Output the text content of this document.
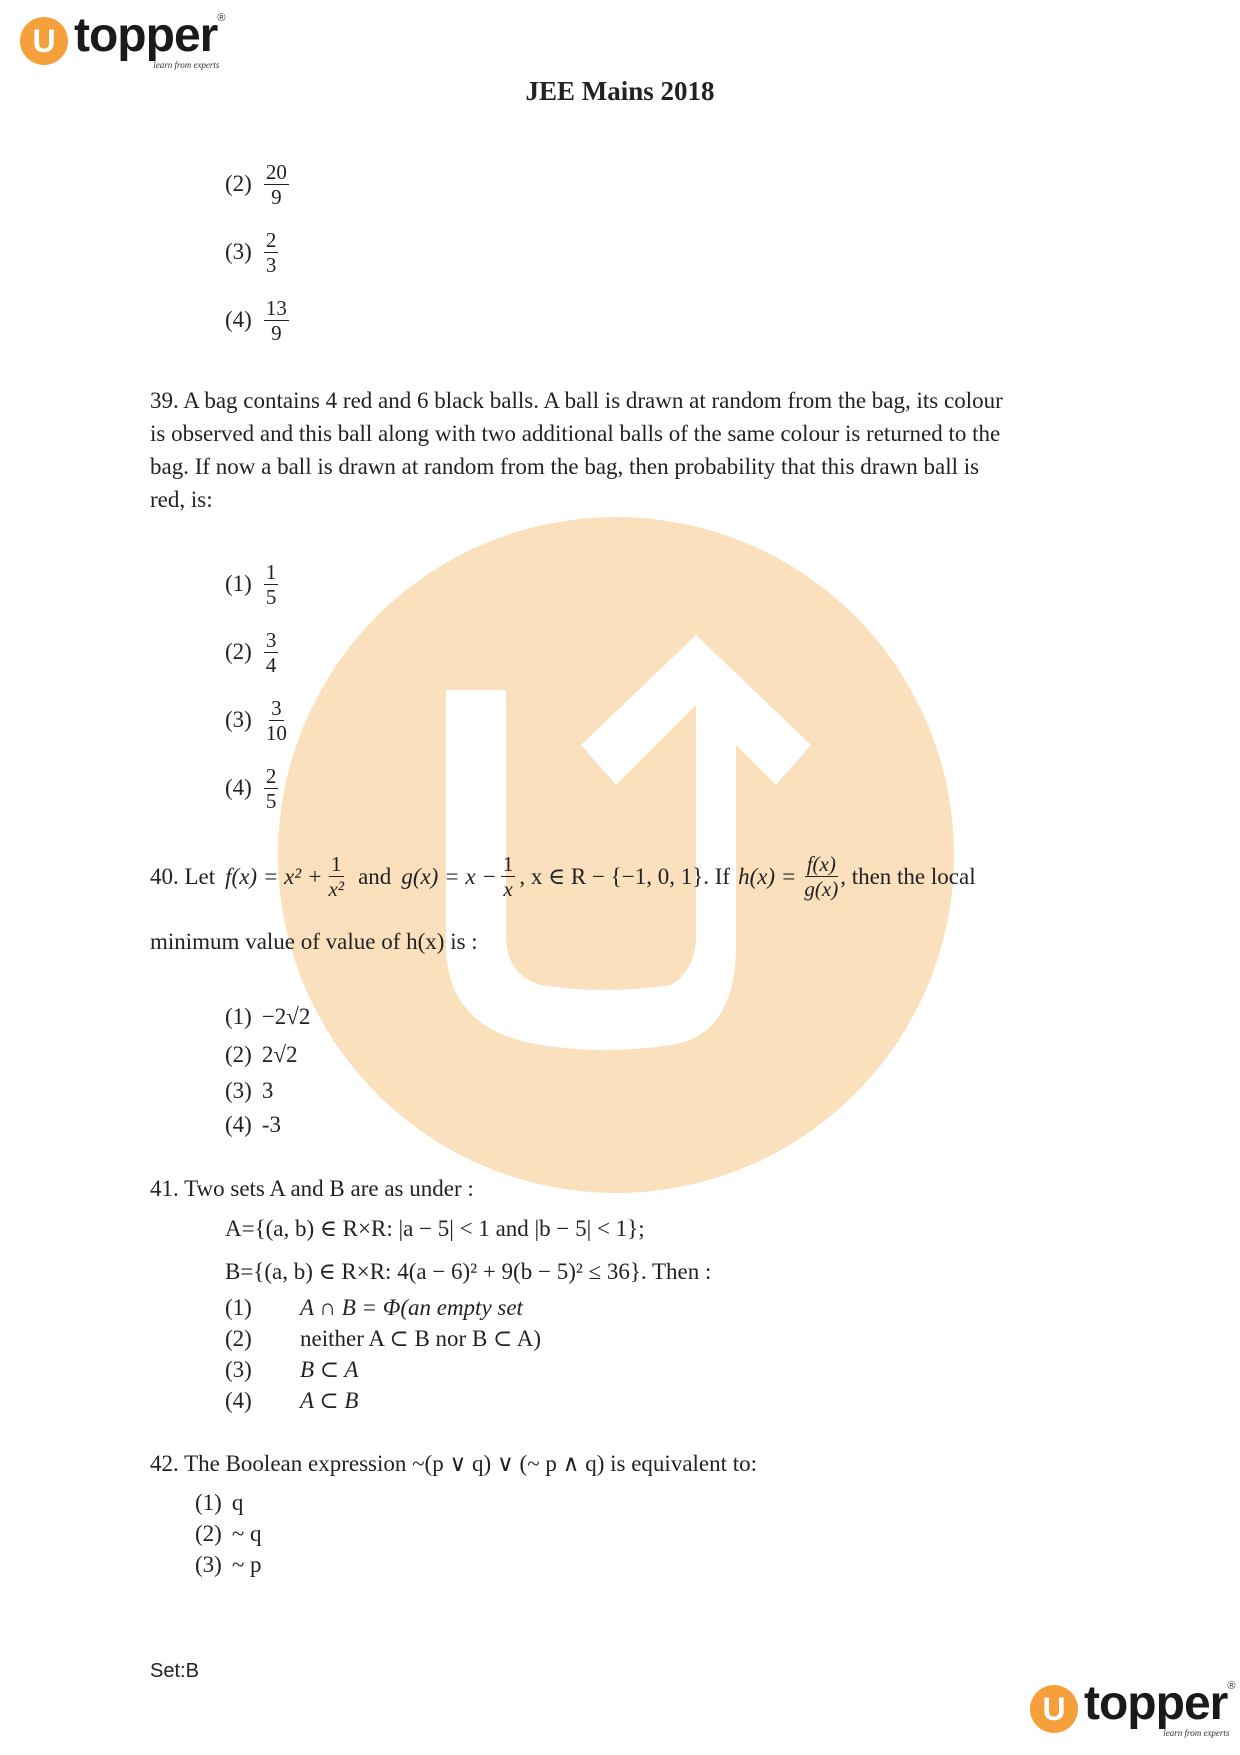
U topper ®
learn from experts
JEE Mains 2018
$(2) \frac{20}{9}$
$(3) \frac{2}{3}$
$(4) \frac{13}{9}$
39. A bag contains 4 red and 6 black balls. A ball is drawn at random from the bag, its colour
is observed and this ball along with two additional balls of the same colour is returned to the
bag. If now a ball is drawn at random from the bag, then probability that this drawn ball is
red, is:
$(1) \frac{1}{5}$
$(2) \frac{3}{4}$
$(3) \frac{3}{10}$
$(4) \frac{2}{5}$
40. Let $f(x) = x^2 + \frac{1}{\text{x²}}$ and $g(x) = x - \frac{1}{x}$ , x ∈ R − {−1, 0, 1}. If $h(x) = \frac{f(x)}{g(x)}$ , then the local
minimum value of value of h(x) is :
(1) −2√2
(2) 2√2
(3) 3
(4) -3
41. Two sets A and B are as under :
A={(a, b) ∈ R×R: |a − 5| < 1 and |b − 5| < 1};
B={(a, b) ∈ R×R: 4(a − 6)² + 9(b − 5)² ≤ 36}. Then :
(1)	A ∩ B = Φ(an empty set
(2)	neither A ⊂ B nor B ⊂ A)
(3)	B ⊂ A
(4)	A ⊂ B
42. The Boolean expression ~(p ∨ q) ∨ (~ p ∧ q) is equivalent to:
(1) q
(2) ~ q
(3) ~ p
Set:B
U topper ®
learn from experts
